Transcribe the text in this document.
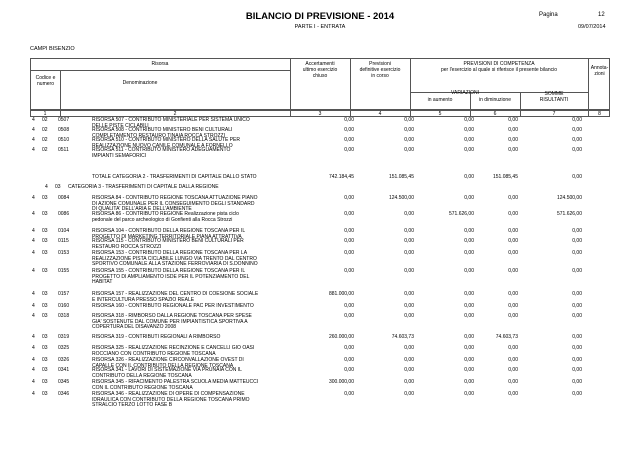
BILANCIO DI PREVISIONE - 2014
PARTE I - ENTRATA
Pagina	12
09/07/2014
CAMPI BISENZIO
Risorsa
Codice e
numero	Denominazione
Accertamenti
ultimo esercizio
chiuso
Previsioni
definitive esercizio
in corso
PREVISIONI DI COMPETENZA
per l'esercizio al quale si riferisce il presente bilancio	Annota-
zioni
VARIAZIONI
in aumento	in diminuzione
SOMME
RISULTANTI
1	2	3	4	5	6	7	8
4	02	0507	RISORSA 507 - CONTRIBUTO MINISTERIALE PER SISTEMA UNICO
DELLE PISTE CICLABILI
0,00	0,00	0,00	0,00	0,00
4	02	0508	RISORSA 508 - CONTRIBUTO MINISTERO BENI CULTURALI
COMPLETAMENTO RESTAURO TINAIA ROCCA STROZZI
0,00	0,00	0,00	0,00	0,00
4	02	0510	RISORSA 510 - CONTRIBUTO MINISTERO DELLA SALUTE PER
REALIZZAZIONE NUOVO CANILE COMUNALE A FORNELLO
0,00	0,00	0,00	0,00	0,00
4	02	0511	RISORSA 511 - CONTRIBUTO MINISTERO ADEGUAMENTO
IMPIANTI SEMAFORICI
0,00	0,00	0,00	0,00	0,00
TOTALE CATEGORIA 2 - TRASFERIMENTI DI CAPITALE DALLO STATO	742.184,45	151.085,45	0,00	151.085,45	0,00
4	03	CATEGORIA 3 - TRASFERIMENTI DI CAPITALE DALLA REGIONE
4	03	0084	RISORSA 84 - CONTRIBUTO REGIONE TOSCANA ATTUAZIONE PIANO
DI AZIONE COMUNALE PER IL CONSEGUIMENTO DEGLI STANDARD
DI QUALITA' DELL'ARIA E DELL'AMBIENTE
0,00	124.500,00	0,00	0,00	124.500,00
4	03	0086	RISORSA 86 - CONTRIBUTO REGIONE Realizzazione pista ciclo
pedonale del parco archeologico di Gonfienti alla Rocca Strozzi
0,00	0,00	571.626,00	0,00	571.626,00
4	03	0104	RISORSA 104 - CONTRIBUTO DELLA REGIONE TOSCANA PER IL
PROGETTO DI MARKETING TERRITORIALE PIANA ATTRATTIVA
0,00	0,00	0,00	0,00	0,00
4	03	0115	RISORSA 115 - CONTRIBUTO MINISTERO BENI CULTURALI PER
RESTAURO ROCCA STROZZI
0,00	0,00	0,00	0,00	0,00
4	03	0153	RISORSA 153 - CONTRIBUTO DELLA REGIONE TOSCANA PER LA
REALIZZAZIONE PISTA CICLABILE LUNGO VIA TRENTO DAL CENTRO
SPORTIVO COMUNALE ALLA STAZIONE FERROVIARIA DI S.DONNINO
0,00	0,00	0,00	0,00	0,00
4	03	0155	RISORSA 155 - CONTRIBUTO DELLA REGIONE TOSCANA PER IL
PROGETTO DI AMPLIAMENTO ISDE PER IL POTENZIAMENTO DEL
HABITAT
0,00	0,00	0,00	0,00	0,00
4	03	0157	RISORSA 157 - REALIZZAZIONE DEL CENTRO DI COESIONE SOCIALE
E INTERCULTURA PRESSO SPAZIO REALE
881.000,00	0,00	0,00	0,00	0,00
4	03	0160	RISORSA 160 - CONTRIBUTO REGIONALE PAC PER INVESTIMENTO	0,00	0,00	0,00	0,00	0,00
4	03	0318	RISORSA 318 - RIMBORSO DALLA REGIONE TOSCANA PER SPESE
GIA' SOSTENUTE DAL COMUNE PER IMPIANTISTICA SPORTIVA A
COPERTURA DEL DISAVANZO 2008
0,00	0,00	0,00	0,00	0,00
4	03	0319	RISORSA 319 - CONTRIBUTI REGIONALI A RIMBORSO	260.000,00	74.603,73	0,00	74.603,73	0,00
4	03	0325	RISORSA 325 - REALIZZAZIONE RECINZIONE E CANCELLI GIO OASI
ROCCIANO CON CONTRIBUTO REGIONE TOSCANA
0,00	0,00	0,00	0,00	0,00
4	03	0326	RISORSA 326 - REALIZZAZIONE CIRCONVALLAZIONE OVEST DI
CAPALLE CON IL CONTRIBUTO DELLA REGIONE TOSCANA
0,00	0,00	0,00	0,00	0,00
4	03	0341	RISORSA 341 - LAVORI DI SISTEMAZIONE VIA PRUNAIA CON IL
CONTRIBUTO DELLA REGIONE TOSCANA
0,00	0,00	0,00	0,00	0,00
4	03	0345	RISORSA 345 - RIFACIMENTO PALESTRA SCUOLA MEDIA MATTEUCCI
CON IL CONTRIBUTO REGIONE TOSCANA
300.000,00	0,00	0,00	0,00	0,00
4	03	0346	RISORSA 346 - REALIZZAZIONE DI OPERE DI COMPENSAZIONE
IDRAULICA CON CONTRIBUTO DELLA REGIONE TOSCANA PRIMO
STRALCIO TERZO LOTTO FASE B
0,00	0,00	0,00	0,00	0,00
